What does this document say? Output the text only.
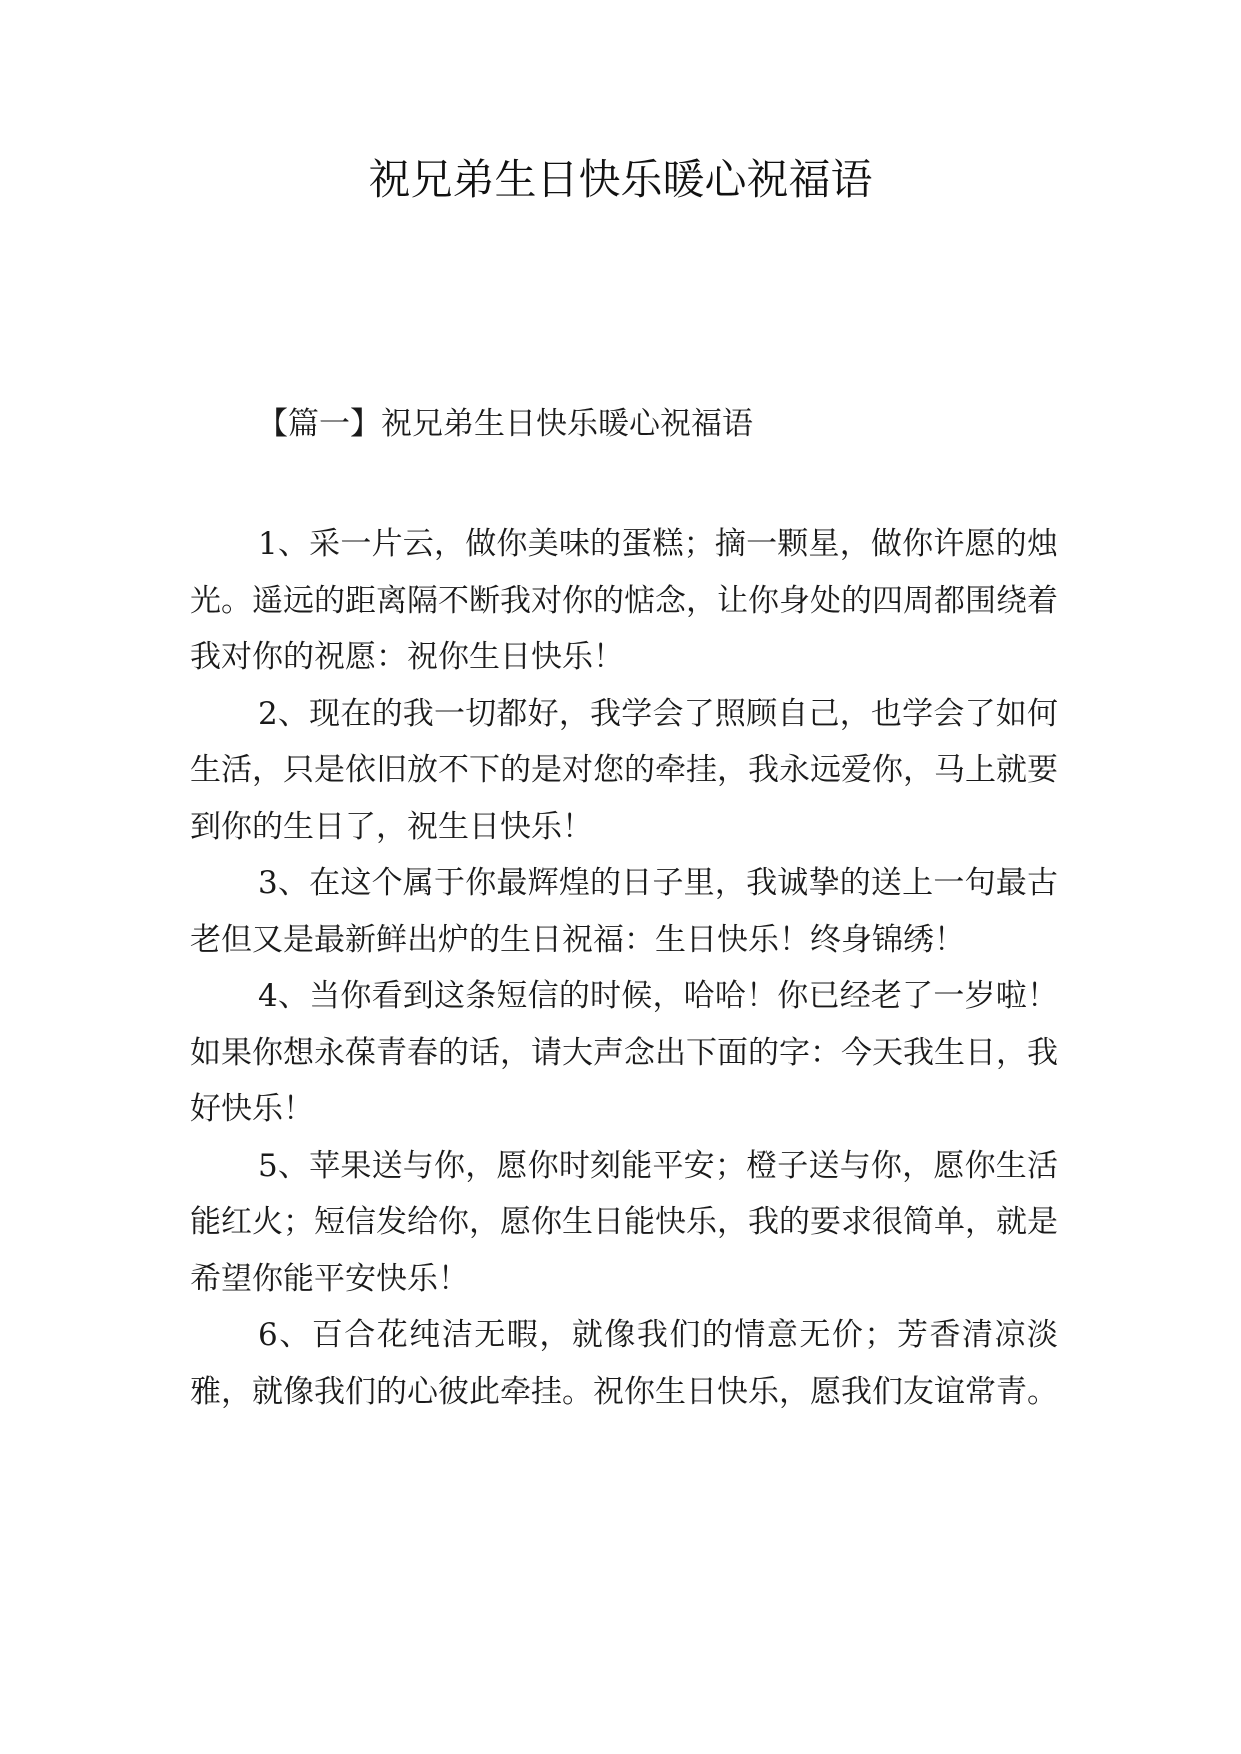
祝兄弟生日快乐暖心祝福语
【篇一】祝兄弟生日快乐暖心祝福语

1、采一片云，做你美味的蛋糕；摘一颗星，做你许愿的烛光。遥远的距离隔不断我对你的惦念，让你身处的四周都围绕着我对你的祝愿：祝你生日快乐！

2、现在的我一切都好，我学会了照顾自己，也学会了如何生活，只是依旧放不下的是对您的牵挂，我永远爱你，马上就要到你的生日了，祝生日快乐！

3、在这个属于你最辉煌的日子里，我诚挚的送上一句最古老但又是最新鲜出炉的生日祝福：生日快乐！终身锦绣！

4、当你看到这条短信的时候，哈哈！你已经老了一岁啦！如果你想永葆青春的话，请大声念出下面的字：今天我生日，我好快乐！

5、苹果送与你，愿你时刻能平安；橙子送与你，愿你生活能红火；短信发给你，愿你生日能快乐，我的要求很简单，就是希望你能平安快乐！

6、百合花纯洁无暇，就像我们的情意无价；芳香清凉淡雅，就像我们的心彼此牵挂。祝你生日快乐，愿我们友谊常青。
